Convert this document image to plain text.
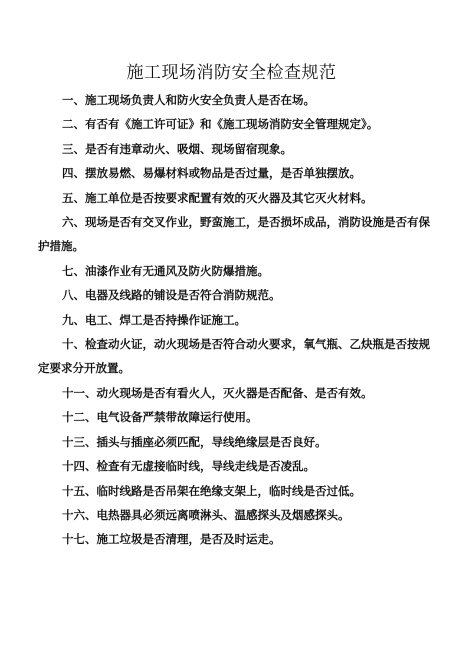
施工现场消防安全检查规范

一、施工现场负责人和防火安全负责人是否在场。

二、有否有《施工许可证》和《施工现场消防安全管理规定》。

三、是否有违章动火、吸烟、现场留宿现象。

四、摆放易燃、易爆材料或物品是否过量，是否单独摆放。

五、施工单位是否按要求配置有效的灭火器及其它灭火材料。

六、现场是否有交叉作业，野蛮施工，是否损坏成品，消防设施是否有保护措施。

七、油漆作业有无通风及防火防爆措施。

八、电器及线路的铺设是否符合消防规范。

九、电工、焊工是否持操作证施工。

十、检查动火证，动火现场是否符合动火要求，氧气瓶、乙炔瓶是否按规定要求分开放置。

十一、动火现场是否有看火人，灭火器是否配备、是否有效。

十二、电气设备严禁带故障运行使用。

十三、插头与插座必须匹配，导线绝缘层是否良好。

十四、检查有无虚接临时线，导线走线是否凌乱。

十五、临时线路是否吊架在绝缘支架上，临时线是否过低。

十六、电热器具必须远离喷淋头、温感探头及烟感探头。

十七、施工垃圾是否清理，是否及时运走。
